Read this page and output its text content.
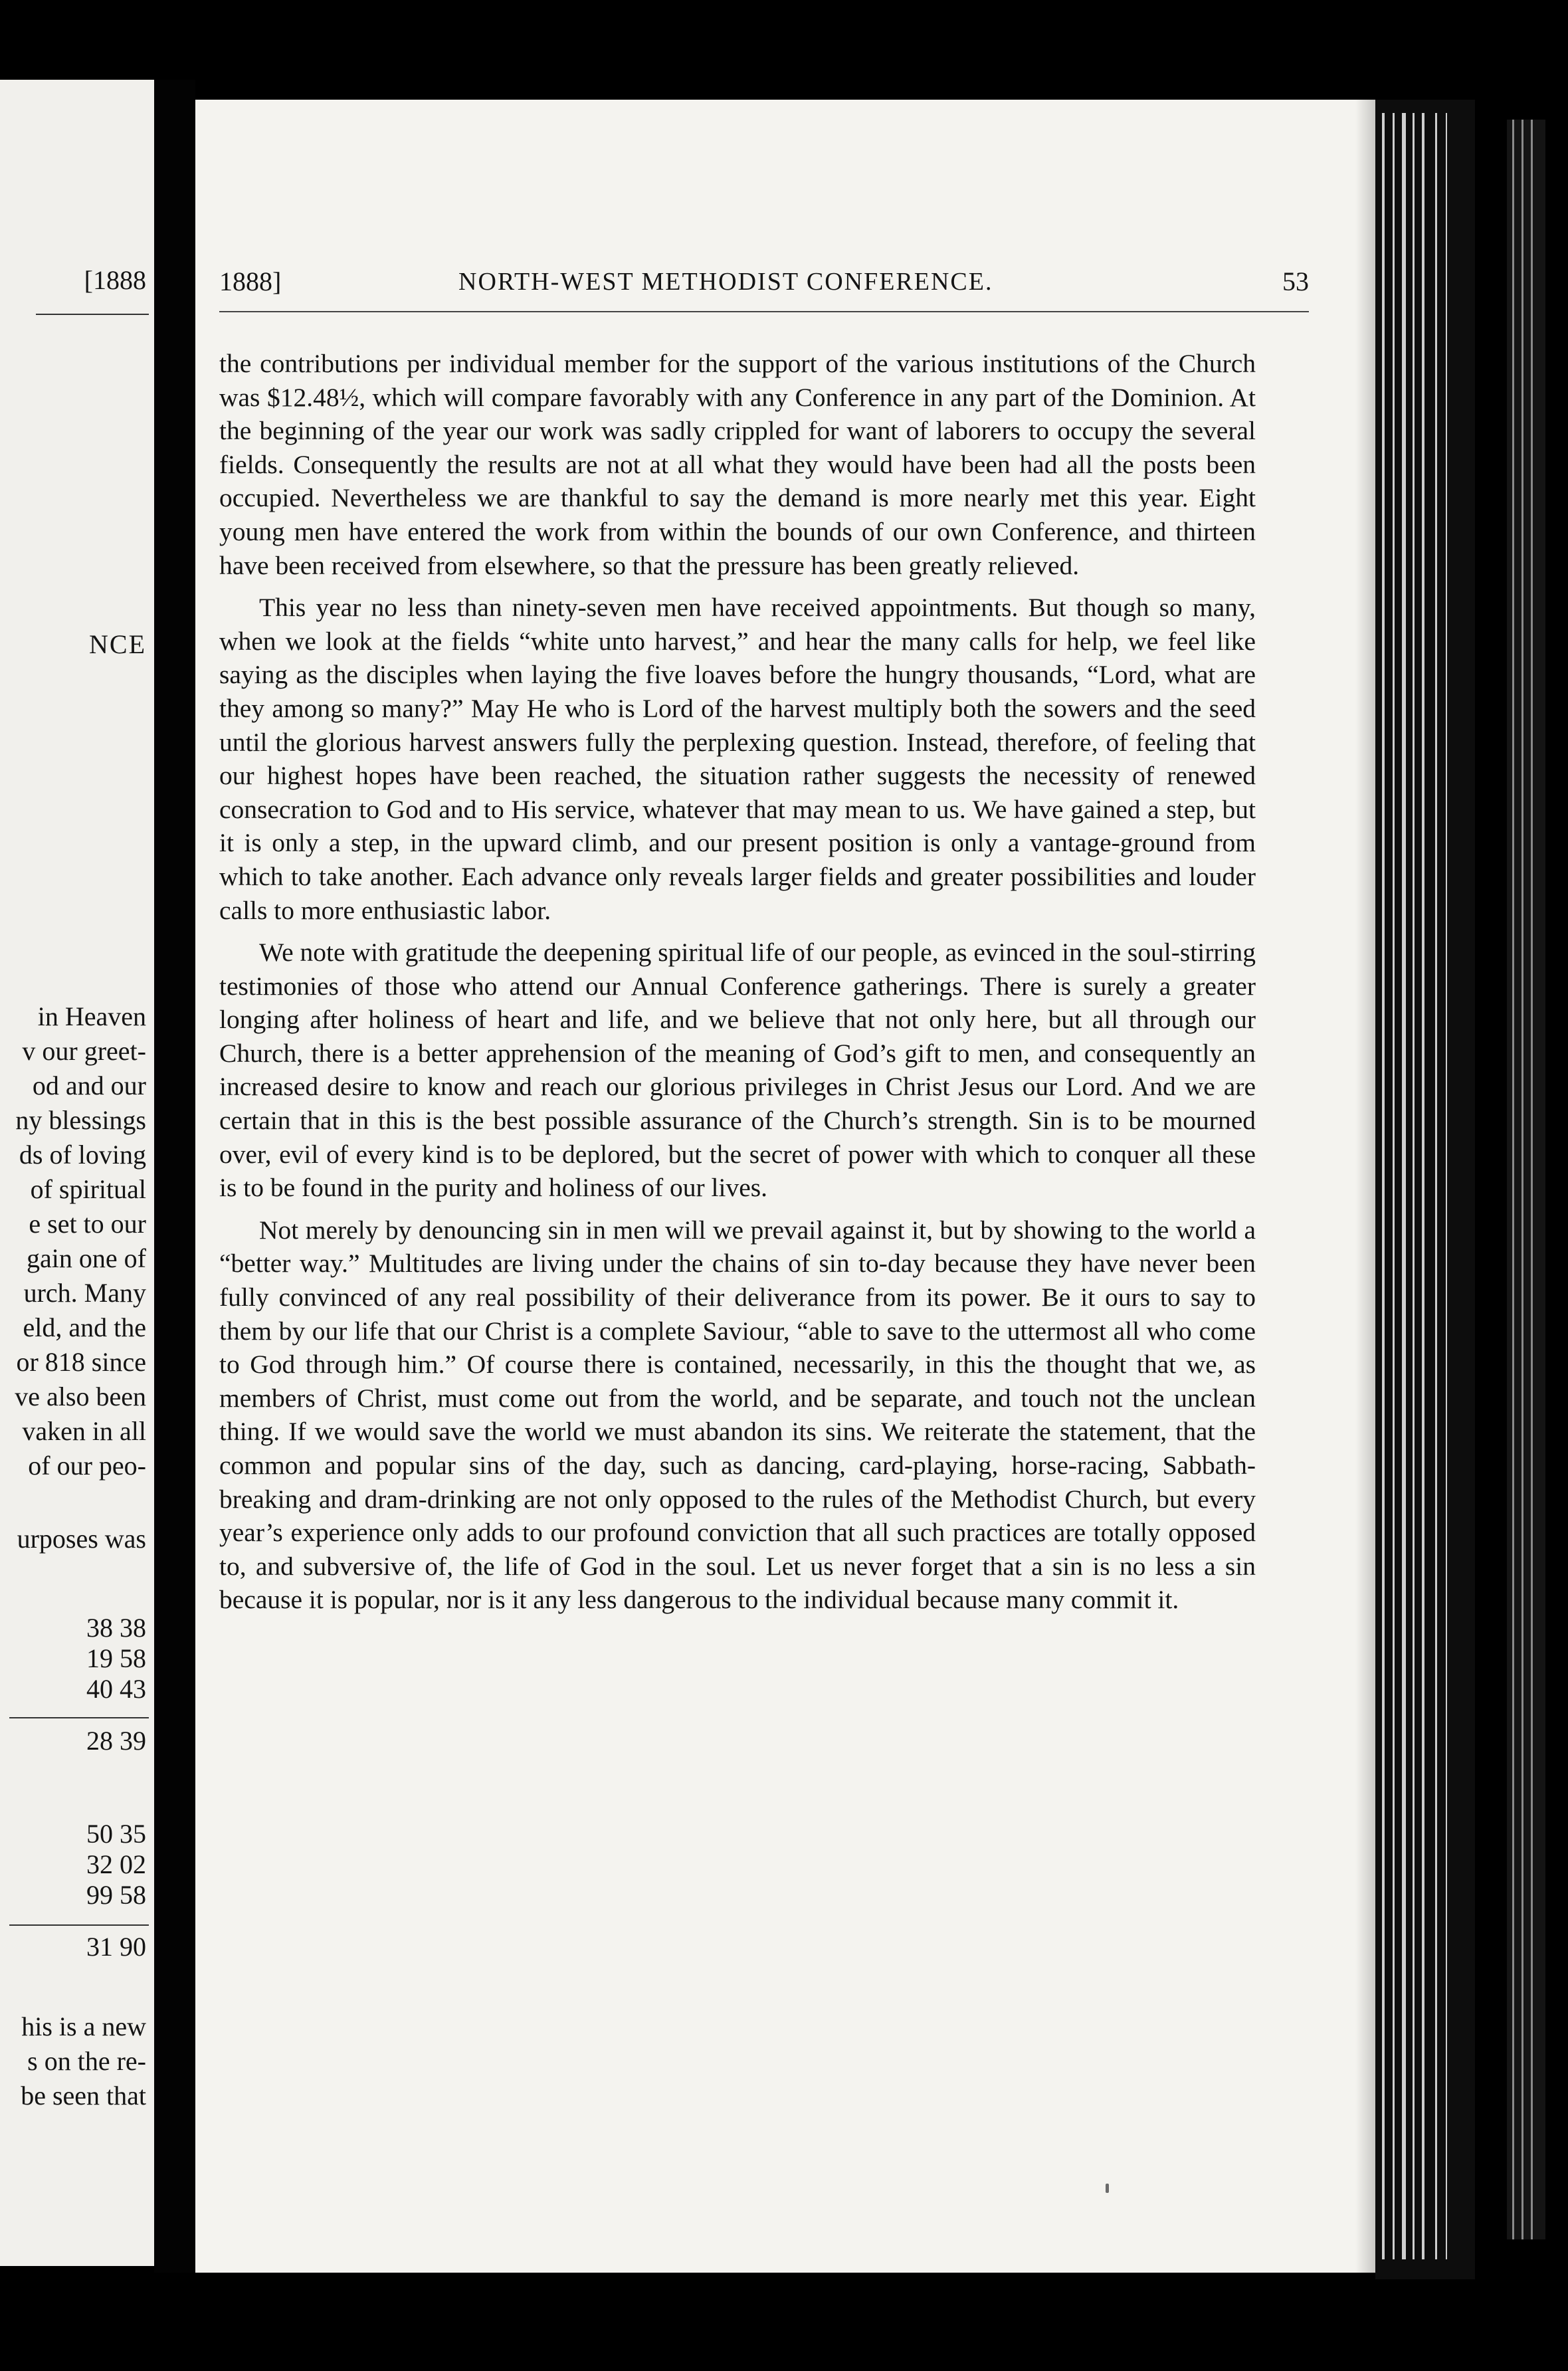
[1888
NCE
in Heaven
v our greet-
od and our
ny blessings
ds of loving
of spiritual
e set to our
gain one of
urch. Many
eld, and the
or 818 since
ve also been
vaken in all
of our peo-
urposes was
38 38
19 58
40 43
28 39
50 35
32 02
99 58
31 90
his is a new
s on the re-
be seen that
1888]	NORTH-WEST METHODIST CONFERENCE.	53

the contributions per individual member for the support of the various institutions of the Church was $12.48½, which will compare favorably with any Conference in any part of the Dominion. At the beginning of the year our work was sadly crippled for want of laborers to occupy the several fields. Consequently the results are not at all what they would have been had all the posts been occupied. Nevertheless we are thankful to say the demand is more nearly met this year. Eight young men have entered the work from within the bounds of our own Conference, and thirteen have been received from elsewhere, so that the pressure has been greatly relieved.

This year no less than ninety-seven men have received appointments. But though so many, when we look at the fields “white unto harvest,” and hear the many calls for help, we feel like saying as the disciples when laying the five loaves before the hungry thousands, “Lord, what are they among so many?” May He who is Lord of the harvest multiply both the sowers and the seed until the glorious harvest answers fully the perplexing question. Instead, therefore, of feeling that our highest hopes have been reached, the situation rather suggests the necessity of renewed consecration to God and to His service, whatever that may mean to us. We have gained a step, but it is only a step, in the upward climb, and our present position is only a vantage-ground from which to take another. Each advance only reveals larger fields and greater possibilities and louder calls to more enthusiastic labor.

We note with gratitude the deepening spiritual life of our people, as evinced in the soul-stirring testimonies of those who attend our Annual Conference gatherings. There is surely a greater longing after holiness of heart and life, and we believe that not only here, but all through our Church, there is a better apprehension of the meaning of God’s gift to men, and consequently an increased desire to know and reach our glorious privileges in Christ Jesus our Lord. And we are certain that in this is the best possible assurance of the Church’s strength. Sin is to be mourned over, evil of every kind is to be deplored, but the secret of power with which to conquer all these is to be found in the purity and holiness of our lives.

Not merely by denouncing sin in men will we prevail against it, but by showing to the world a “better way.” Multitudes are living under the chains of sin to-day because they have never been fully convinced of any real possibility of their deliverance from its power. Be it ours to say to them by our life that our Christ is a complete Saviour, “able to save to the uttermost all who come to God through him.” Of course there is contained, necessarily, in this the thought that we, as members of Christ, must come out from the world, and be separate, and touch not the unclean thing. If we would save the world we must abandon its sins. We reiterate the statement, that the common and popular sins of the day, such as dancing, card-playing, horse-racing, Sabbath-breaking and dram-drinking are not only opposed to the rules of the Methodist Church, but every year’s experience only adds to our profound conviction that all such practices are totally opposed to, and subversive of, the life of God in the soul. Let us never forget that a sin is no less a sin because it is popular, nor is it any less dangerous to the individual because many commit it.
